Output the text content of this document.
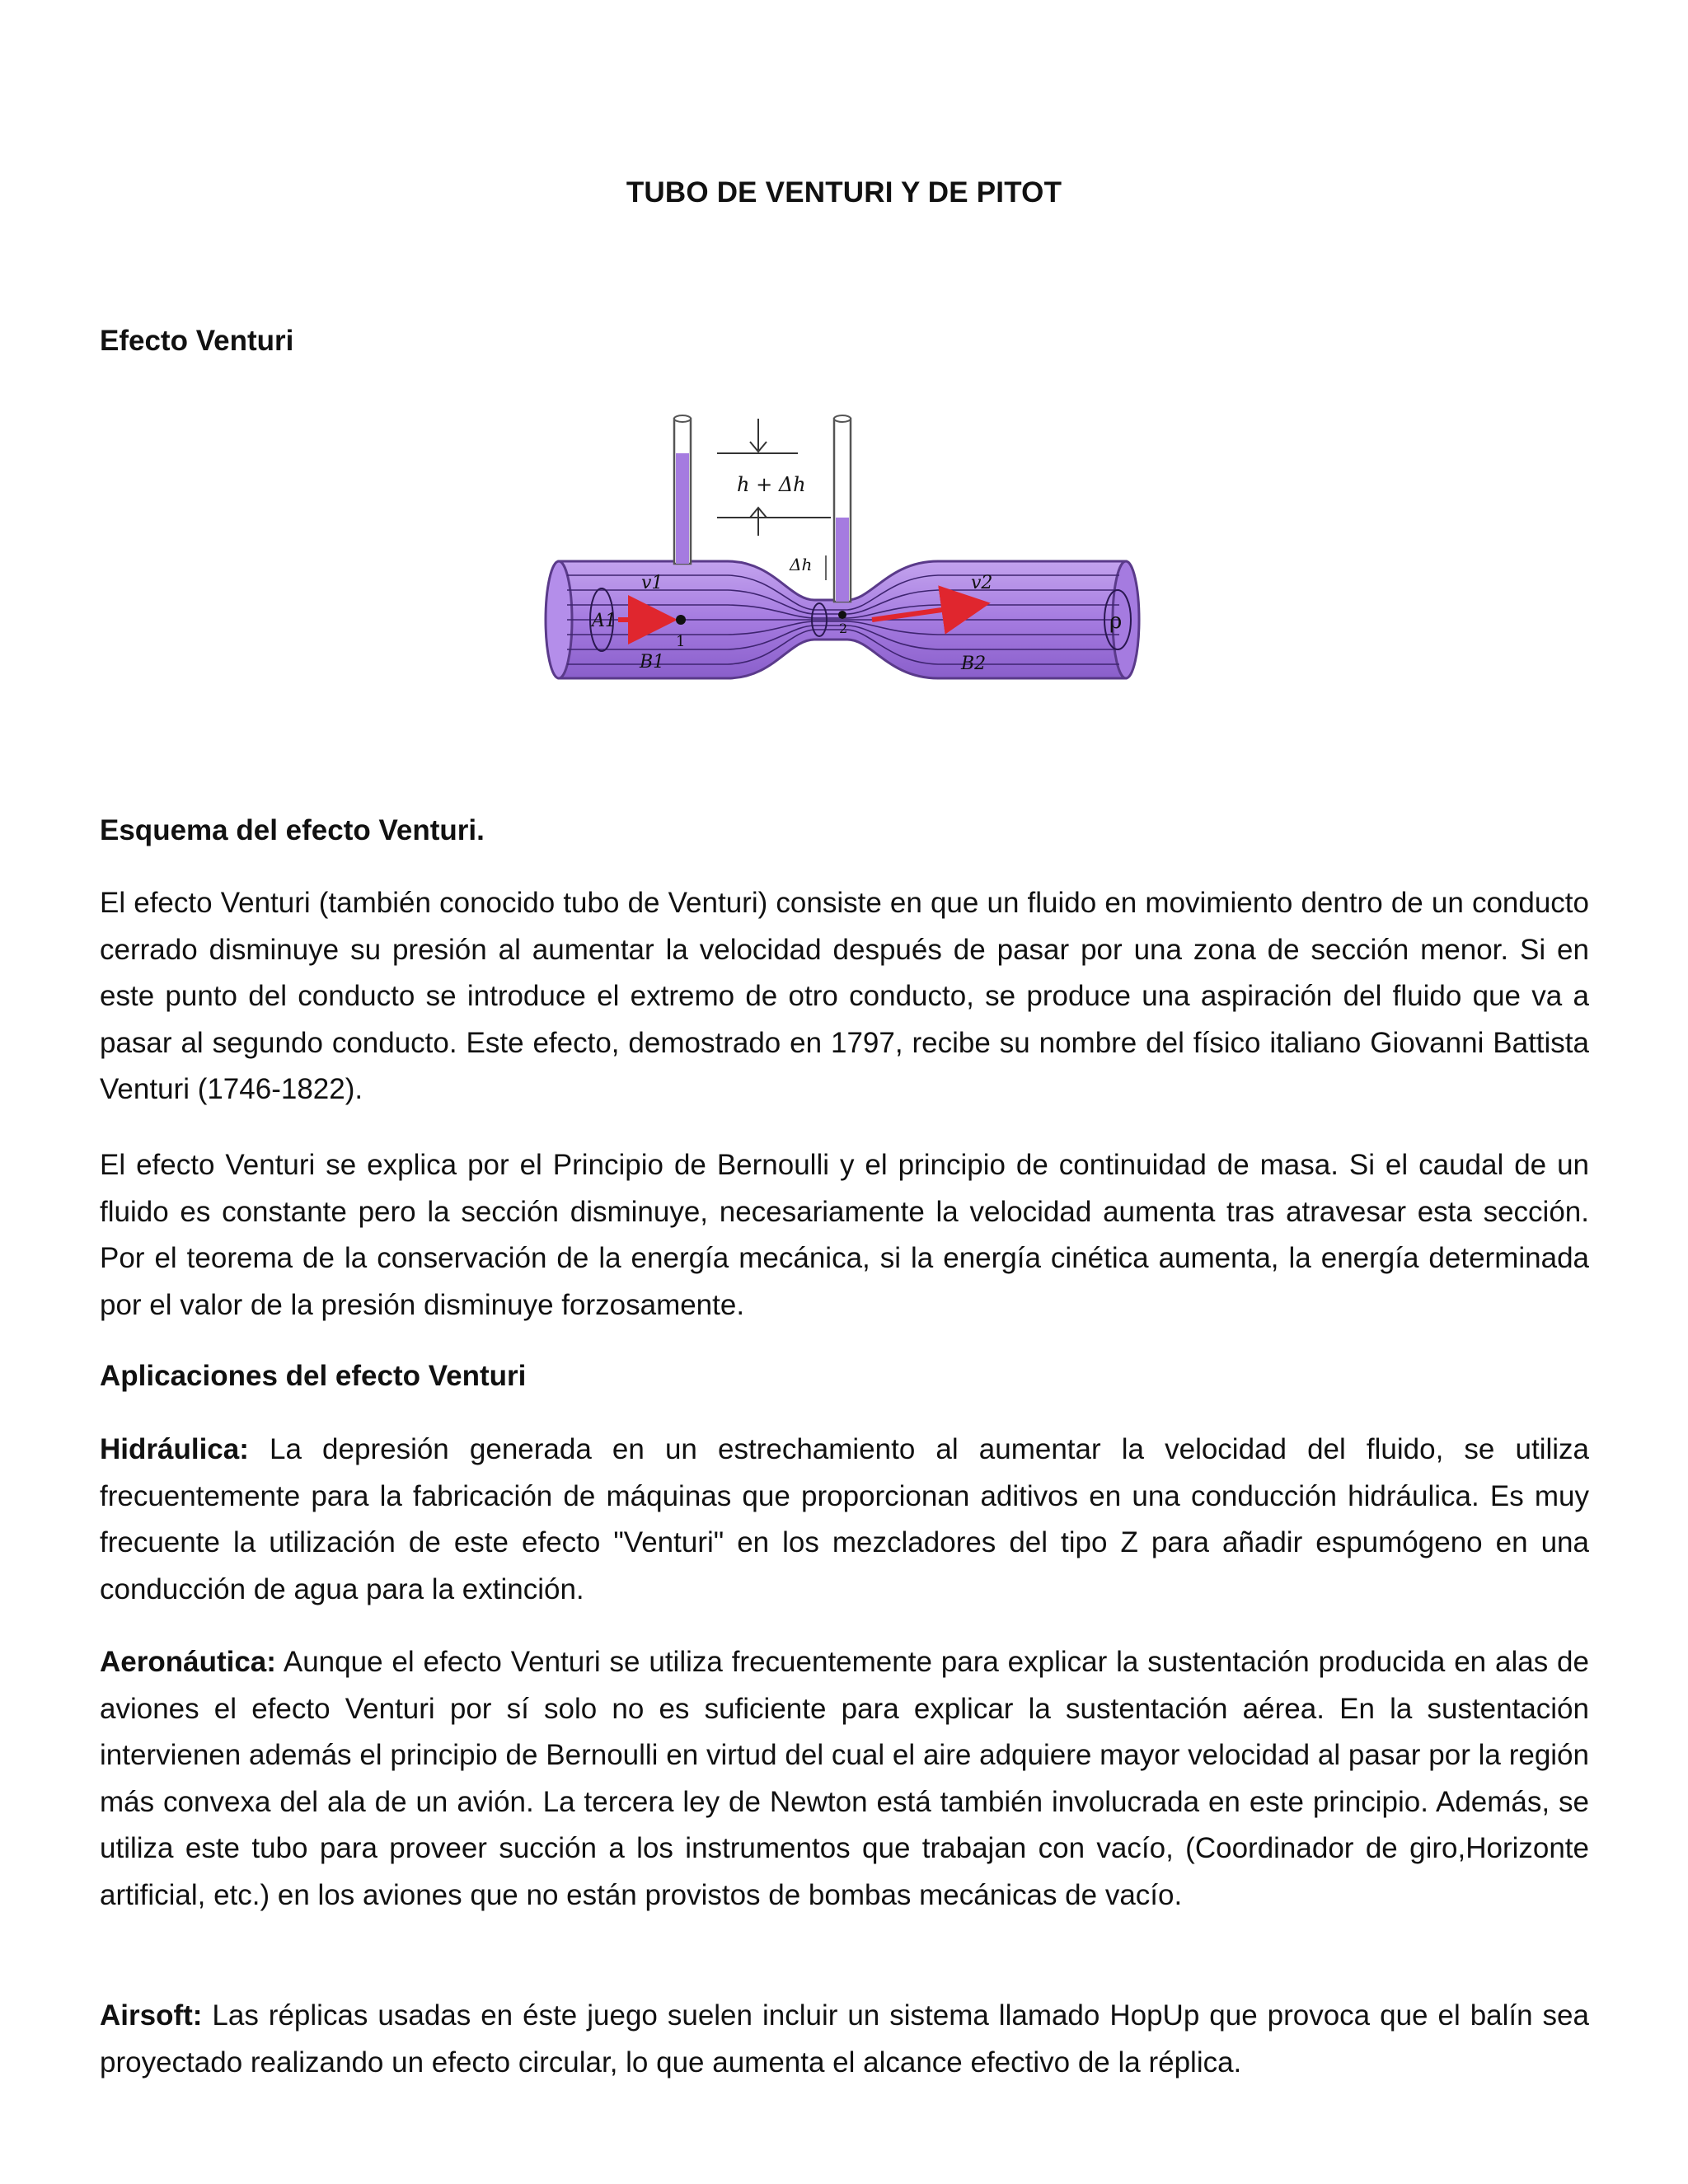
TUBO DE VENTURI Y DE PITOT
Efecto Venturi
h + Δh
Δh
A1
v1
1
B1
2
v2
B2
ρ
Esquema del efecto Venturi.

El efecto Venturi (también conocido tubo de Venturi) consiste en que un fluido en movimiento dentro de un conducto cerrado disminuye su presión al aumentar la velocidad después de pasar por una zona de sección menor. Si en este punto del conducto se introduce el extremo de otro conducto, se produce una aspiración del fluido que va a pasar al segundo conducto. Este efecto, demostrado en 1797, recibe su nombre del físico italiano Giovanni Battista Venturi (1746-1822).

El efecto Venturi se explica por el Principio de Bernoulli y el principio de continuidad de masa. Si el caudal de un fluido es constante pero la sección disminuye, necesariamente la velocidad aumenta tras atravesar esta sección. Por el teorema de la conservación de la energía mecánica, si la energía cinética aumenta, la energía determinada por el valor de la presión disminuye forzosamente.

Aplicaciones del efecto Venturi

Hidráulica: La depresión generada en un estrechamiento al aumentar la velocidad del fluido, se utiliza frecuentemente para la fabricación de máquinas que proporcionan aditivos en una conducción hidráulica. Es muy frecuente la utilización de este efecto "Venturi" en los mezcladores del tipo Z para añadir espumógeno en una conducción de agua para la extinción.

Aeronáutica: Aunque el efecto Venturi se utiliza frecuentemente para explicar la sustentación producida en alas de aviones el efecto Venturi por sí solo no es suficiente para explicar la sustentación aérea. En la sustentación intervienen además el principio de Bernoulli en virtud del cual el aire adquiere mayor velocidad al pasar por la región más convexa del ala de un avión. La tercera ley de Newton está también involucrada en este principio. Además, se utiliza este tubo para proveer succión a los instrumentos que trabajan con vacío, (Coordinador de giro,Horizonte artificial, etc.) en los aviones que no están provistos de bombas mecánicas de vacío.

Airsoft: Las réplicas usadas en éste juego suelen incluir un sistema llamado HopUp que provoca que el balín sea proyectado realizando un efecto circular, lo que aumenta el alcance efectivo de la réplica.
